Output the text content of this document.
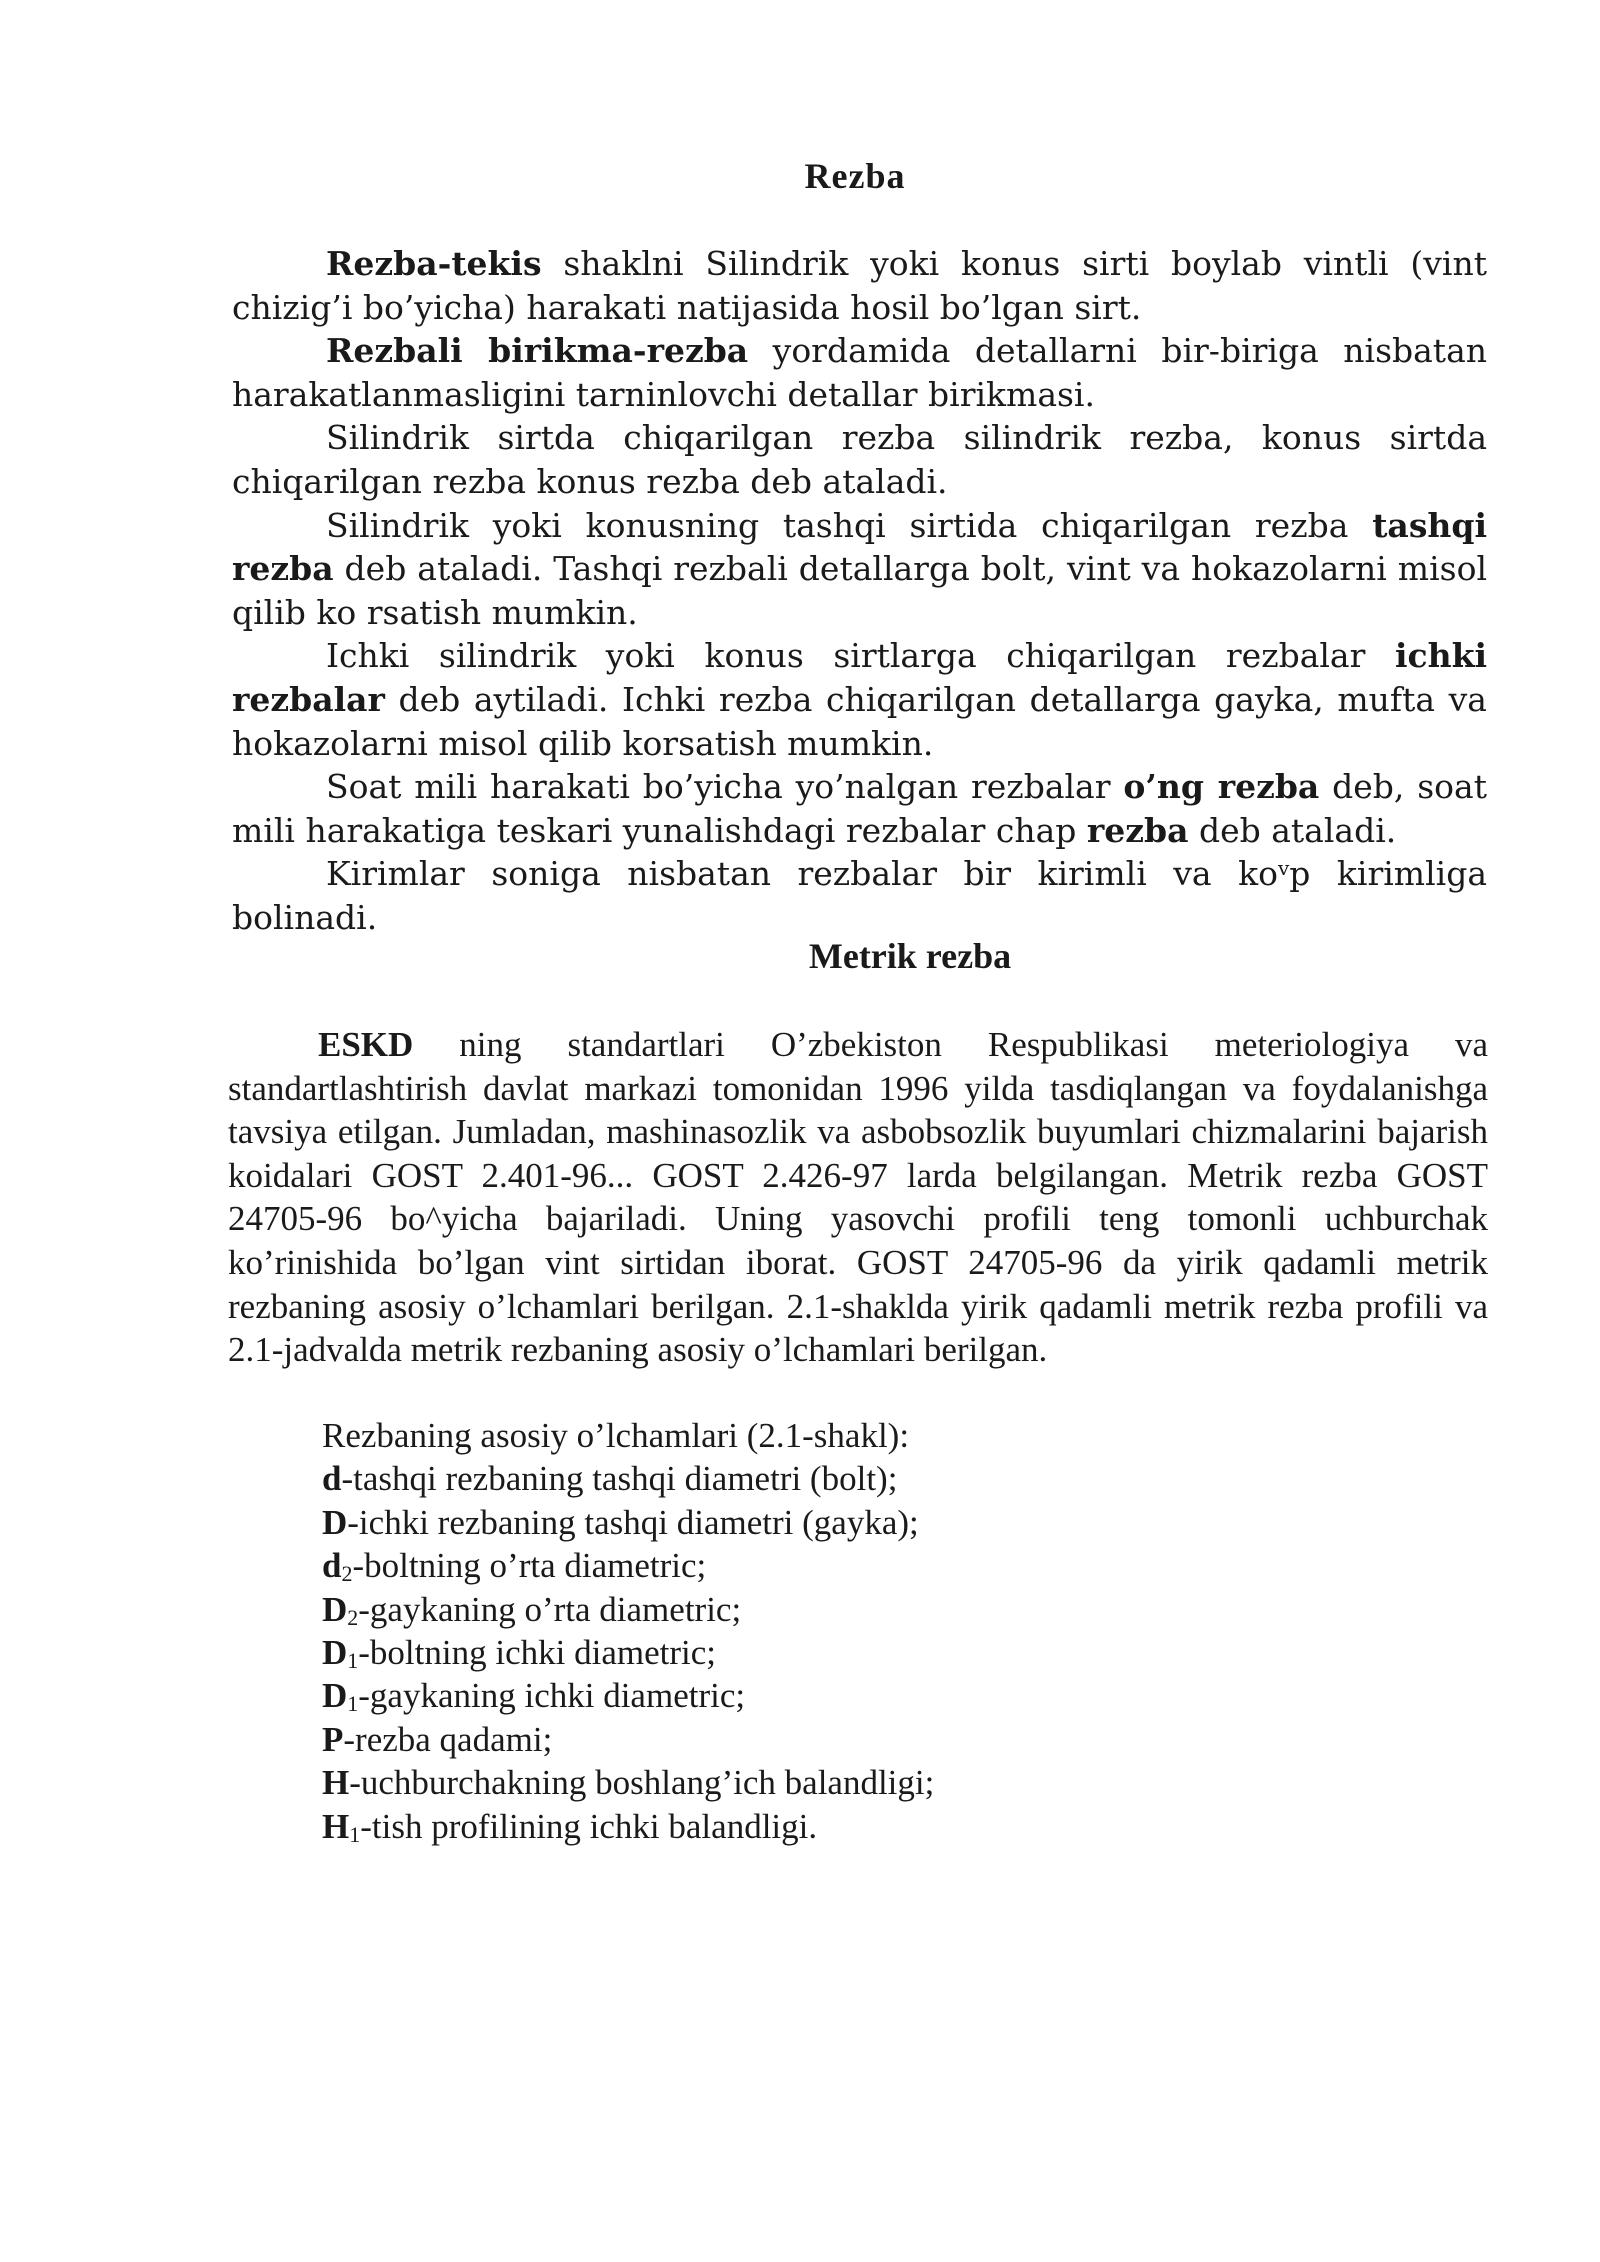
Rezba

Rezba-tekis shaklni Silindrik yoki konus sirti boylab vintli (vint chizig’i bo’yicha) harakati natijasida hosil bo’lgan sirt.

Rezbali birikma-rezba yordamida detallarni bir-biriga nisbatan harakatlanmasligini tarninlovchi detallar birikmasi.

Silindrik sirtda chiqarilgan rezba silindrik rezba, konus sirtda chiqarilgan rezba konus rezba deb ataladi.

Silindrik yoki konusning tashqi sirtida chiqarilgan rezba tashqi rezba deb ataladi. Tashqi rezbali detallarga bolt, vint va hokazolarni misol qilib ko rsatish mumkin.

Ichki silindrik yoki konus sirtlarga chiqarilgan rezbalar ichki rezbalar deb aytiladi. Ichki rezba chiqarilgan detallarga gayka, mufta va hokazolarni misol qilib korsatish mumkin.

Soat mili harakati bo’yicha yo’nalgan rezbalar o’ng rezba deb, soat mili harakatiga teskari yunalishdagi rezbalar chap rezba deb ataladi.

Kirimlar soniga nisbatan rezbalar bir kirimli va $ko^vp$ kirimliga bolinadi.

Metrik rezba

ESKD ning standartlari O’zbekiston Respublikasi meteriologiya va standartlashtirish davlat markazi tomonidan 1996 yilda tasdiqlangan va foydalanishga tavsiya etilgan. Jumladan, mashinasozlik va asbobsozlik buyumlari chizmalarini bajarish koidalari GOST 2.401-96... GOST 2.426-97 larda belgilangan. Metrik rezba GOST 24705-96 bo^yicha bajariladi. Uning yasovchi profili teng tomonli uchburchak ko’rinishida bo’lgan vint sirtidan iborat. GOST 24705-96 da yirik qadamli metrik rezbaning asosiy o’lchamlari berilgan. 2.1-shaklda yirik qadamli metrik rezba profili va 2.1-jadvalda metrik rezbaning asosiy o’lchamlari berilgan.

Rezbaning asosiy o’lchamlari (2.1-shakl):
d-tashqi rezbaning tashqi diametri (bolt);
D-ichki rezbaning tashqi diametri (gayka);
$d_2$-boltning o’rta diametric;
$D_2$-gaykaning o’rta diametric;
$D_1$-boltning ichki diametric;
$D_1$-gaykaning ichki diametric;
P-rezba qadami;
H-uchburchakning boshlang’ich balandligi;
$H_1$-tish profilining ichki balandligi.
